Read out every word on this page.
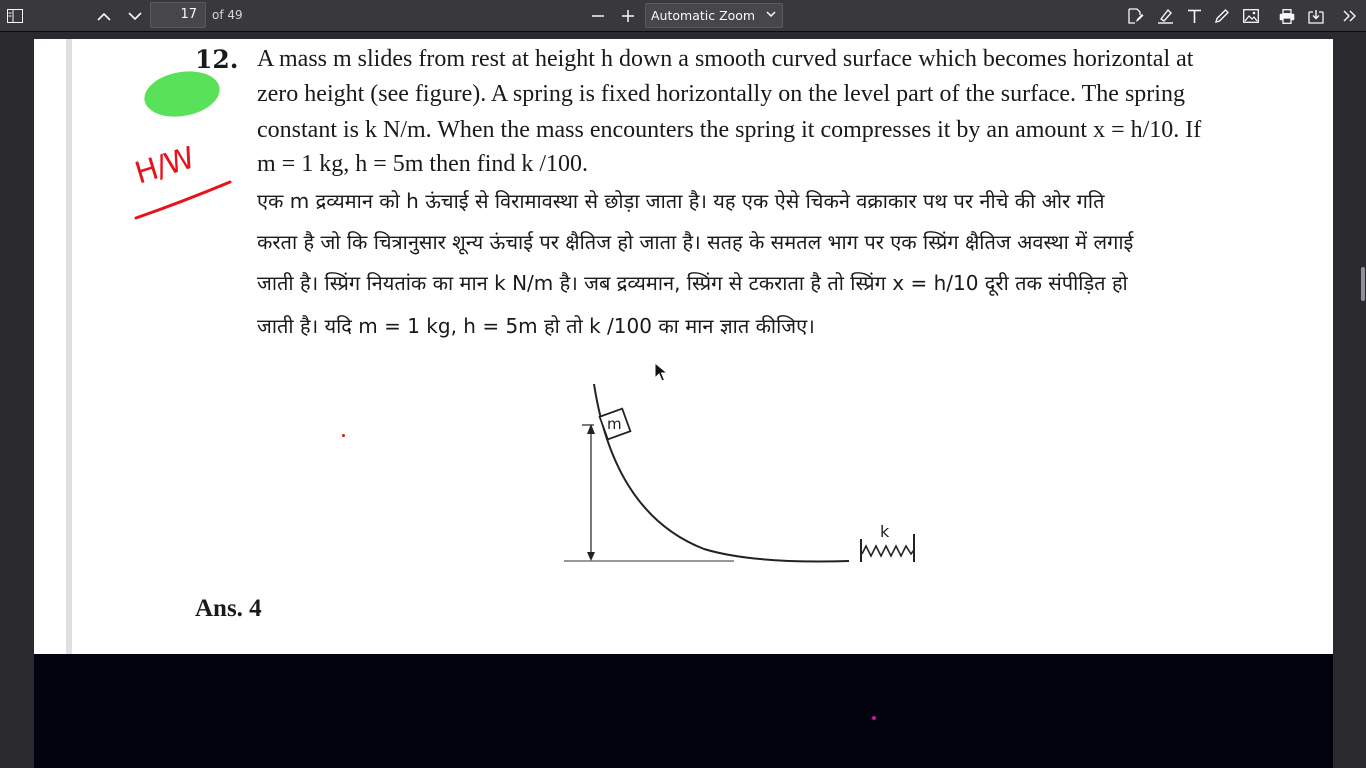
17	of 49	Automatic Zoom
H/W
12. A mass m slides from rest at height h down a smooth curved surface which becomes horizontal at

zero height (see figure). A spring is fixed horizontally on the level part of the surface. The spring

constant is k N/m. When the mass encounters the spring it compresses it by an amount x = h/10. If

m = 1 kg, h = 5m then find k /100.

एक m द्रव्यमान को h ऊंचाई से विरामावस्था से छोड़ा जाता है। यह एक ऐसे चिकने वक्राकार पथ पर नीचे की ओर गति

करता है जो कि चित्रानुसार शून्य ऊंचाई पर क्षैतिज हो जाता है। सतह के समतल भाग पर एक स्प्रिंग क्षैतिज अवस्था में लगाई

जाती है। स्प्रिंग नियतांक का मान k N/m है। जब द्रव्यमान, स्प्रिंग से टकराता है तो स्प्रिंग x = h/10 दूरी तक संपीड़ित हो

जाती है। यदि m = 1 kg, h = 5m हो तो k /100 का मान ज्ञात कीजिए।
m
k
Ans. 4
